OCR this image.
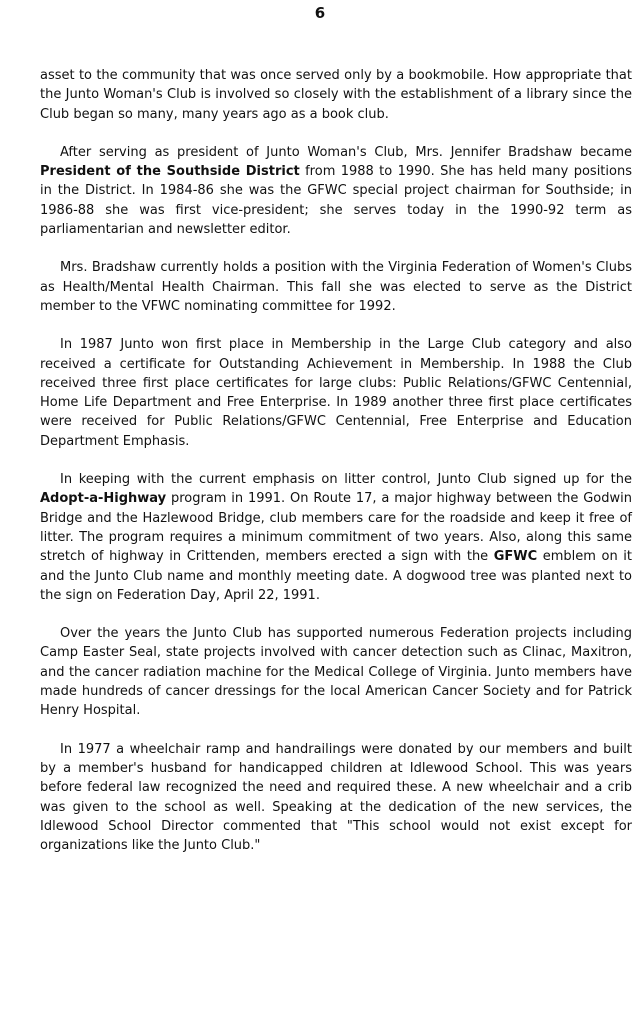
6

asset to the community that was once served only by a bookmobile. How appropriate that the Junto Woman's Club is involved so closely with the establishment of a library since the Club began so many, many years ago as a book club.

After serving as president of Junto Woman's Club, Mrs. Jennifer Bradshaw became President of the Southside District from 1988 to 1990. She has held many positions in the District. In 1984-86 she was the GFWC special project chairman for Southside; in 1986-88 she was first vice-president; she serves today in the 1990-92 term as parliamentarian and newsletter editor.

Mrs. Bradshaw currently holds a position with the Virginia Federation of Women's Clubs as Health/Mental Health Chairman. This fall she was elected to serve as the District member to the VFWC nominating committee for 1992.

In 1987 Junto won first place in Membership in the Large Club category and also received a certificate for Outstanding Achievement in Membership. In 1988 the Club received three first place certificates for large clubs: Public Relations/GFWC Centennial, Home Life Department and Free Enterprise. In 1989 another three first place certificates were received for Public Relations/GFWC Centennial, Free Enterprise and Education Department Emphasis.

In keeping with the current emphasis on litter control, Junto Club signed up for the Adopt-a-Highway program in 1991. On Route 17, a major highway between the Godwin Bridge and the Hazlewood Bridge, club members care for the roadside and keep it free of litter. The program requires a minimum commitment of two years. Also, along this same stretch of highway in Crittenden, members erected a sign with the GFWC emblem on it and the Junto Club name and monthly meeting date. A dogwood tree was planted next to the sign on Federation Day, April 22, 1991.

Over the years the Junto Club has supported numerous Federation projects including Camp Easter Seal, state projects involved with cancer detection such as Clinac, Maxitron, and the cancer radiation machine for the Medical College of Virginia. Junto members have made hundreds of cancer dressings for the local American Cancer Society and for Patrick Henry Hospital.

In 1977 a wheelchair ramp and handrailings were donated by our members and built by a member's husband for handicapped children at Idlewood School. This was years before federal law recognized the need and required these. A new wheelchair and a crib was given to the school as well. Speaking at the dedication of the new services, the Idlewood School Director commented that "This school would not exist except for organizations like the Junto Club."
